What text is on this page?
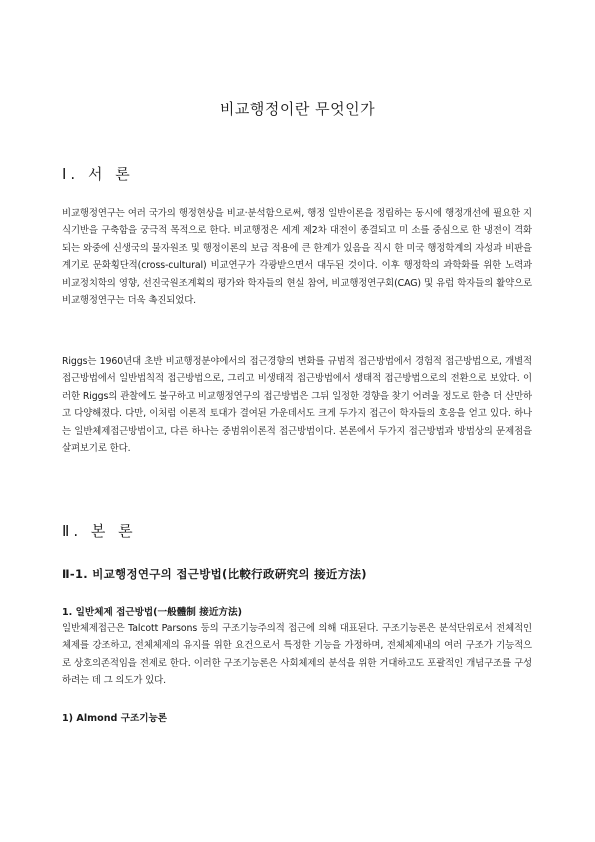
비교행정이란 무엇인가
Ⅰ. 서 론

비교행정연구는 여러 국가의 행정현상을 비교·분석함으로써, 행정 일반이론을 정립하는 동시에 행정개선에 필요한 지식기반을 구축함을 궁극적 목적으로 한다. 비교행정은 세계 제2차 대전이 종결되고 미 소를 중심으로 한 냉전이 격화되는 와중에 신생국의 물자원조 및 행정이론의 보급 적용에 큰 한계가 있음을 직시 한 미국 행정학계의 자성과 비판을 계기로 문화횡단적(cross-cultural) 비교연구가 각광받으면서 대두된 것이다. 이후 행정학의 과학화를 위한 노력과 비교정치학의 영향, 선진국원조계획의 평가와 학자들의 현실 참여, 비교행정연구회(CAG) 및 유럽 학자들의 활약으로 비교행정연구는 더욱 촉진되었다.

Riggs는 1960년대 초반 비교행정분야에서의 접근경향의 변화를 규범적 접근방법에서 경험적 접근방법으로, 개별적 접근방법에서 일반법칙적 접근방법으로, 그리고 비생태적 접근방법에서 생태적 접근방법으로의 전환으로 보았다. 이러한 Riggs의 관찰에도 불구하고 비교행정연구의 접근방법은 그뒤 일정한 경향을 찾기 어려울 정도로 한층 더 산만하고 다양해졌다. 다만, 이처럼 이론적 토대가 결여된 가운데서도 크게 두가지 접근이 학자들의 호응을 얻고 있다. 하나는 일반체제접근방법이고, 다른 하나는 중범위이론적 접근방법이다. 본론에서 두가지 접근방법과 방법상의 문제점을 살펴보기로 한다.

Ⅱ. 본 론
Ⅱ-1. 비교행정연구의 접근방법(比較行政硏究의 接近方法)
1. 일반체제 접근방법(一般體制 接近方法)

일반체제접근은 Talcott Parsons 등의 구조기능주의적 접근에 의해 대표된다. 구조기능론은 분석단위로서 전체적인 체제를 강조하고, 전체체제의 유지를 위한 요건으로서 특정한 기능을 가정하며, 전체체제내의 여러 구조가 기능적으로 상호의존적임을 전제로 한다. 이러한 구조기능론은 사회체제의 분석을 위한 거대하고도 포괄적인 개념구조를 구성하려는 데 그 의도가 있다.

1) Almond 구조기능론
